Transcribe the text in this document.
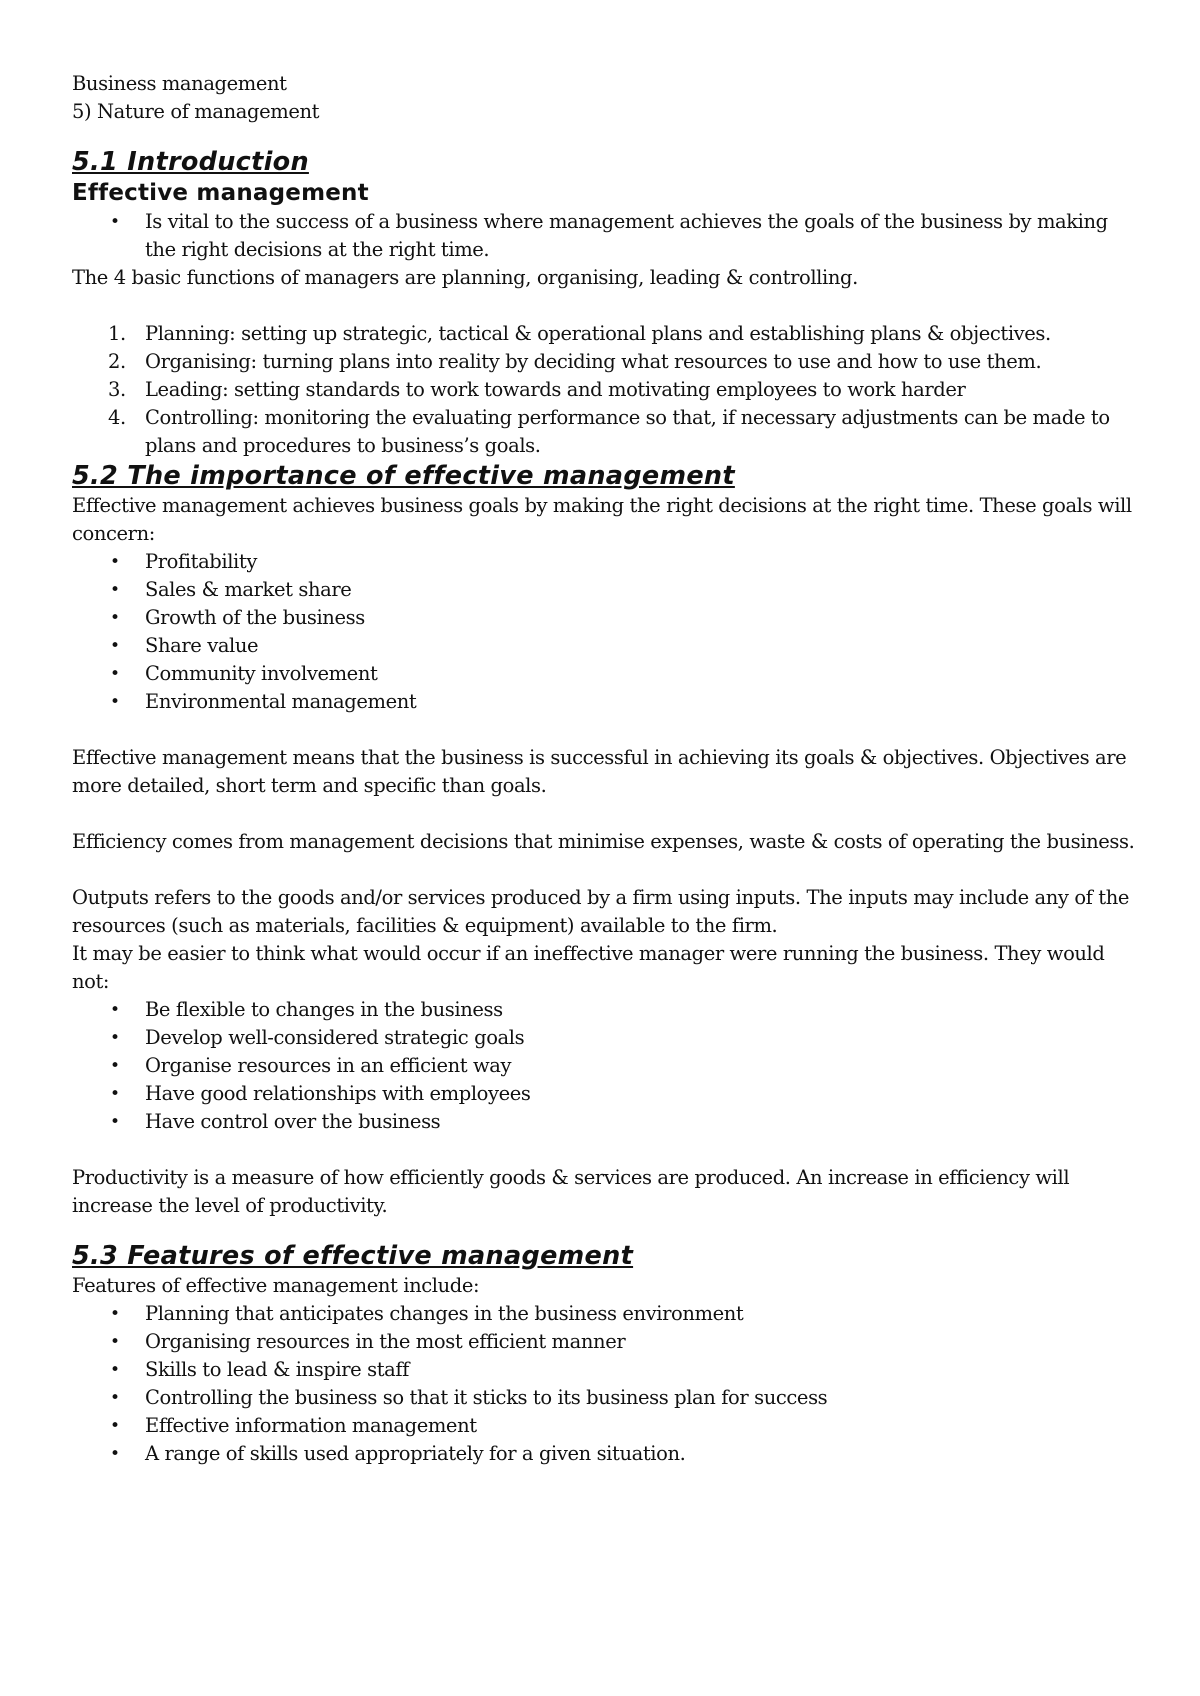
Business management

5) Nature of management

5.1 Introduction
Effective management
• Is vital to the success of a business where management achieves the goals of the business by making the right decisions at the right time.

The 4 basic functions of managers are planning, organising, leading & controlling.

1. Planning: setting up strategic, tactical & operational plans and establishing plans & objectives.
2. Organising: turning plans into reality by deciding what resources to use and how to use them.
3. Leading: setting standards to work towards and motivating employees to work harder
4. Controlling: monitoring the evaluating performance so that, if necessary adjustments can be made to plans and procedures to business’s goals.
5.2 The importance of effective management

Effective management achieves business goals by making the right decisions at the right time. These goals will concern:

• Profitability
• Sales & market share
• Growth of the business
• Share value
• Community involvement
• Environmental management

Effective management means that the business is successful in achieving its goals & objectives. Objectives are more detailed, short term and specific than goals.

Efficiency comes from management decisions that minimise expenses, waste & costs of operating the business.

Outputs refers to the goods and/or services produced by a firm using inputs. The inputs may include any of the resources (such as materials, facilities & equipment) available to the firm.

It may be easier to think what would occur if an ineffective manager were running the business. They would not:

• Be flexible to changes in the business
• Develop well-considered strategic goals
• Organise resources in an efficient way
• Have good relationships with employees
• Have control over the business

Productivity is a measure of how efficiently goods & services are produced. An increase in efficiency will increase the level of productivity.

5.3 Features of effective management

Features of effective management include:

• Planning that anticipates changes in the business environment
• Organising resources in the most efficient manner
• Skills to lead & inspire staff
• Controlling the business so that it sticks to its business plan for success
• Effective information management
• A range of skills used appropriately for a given situation.
